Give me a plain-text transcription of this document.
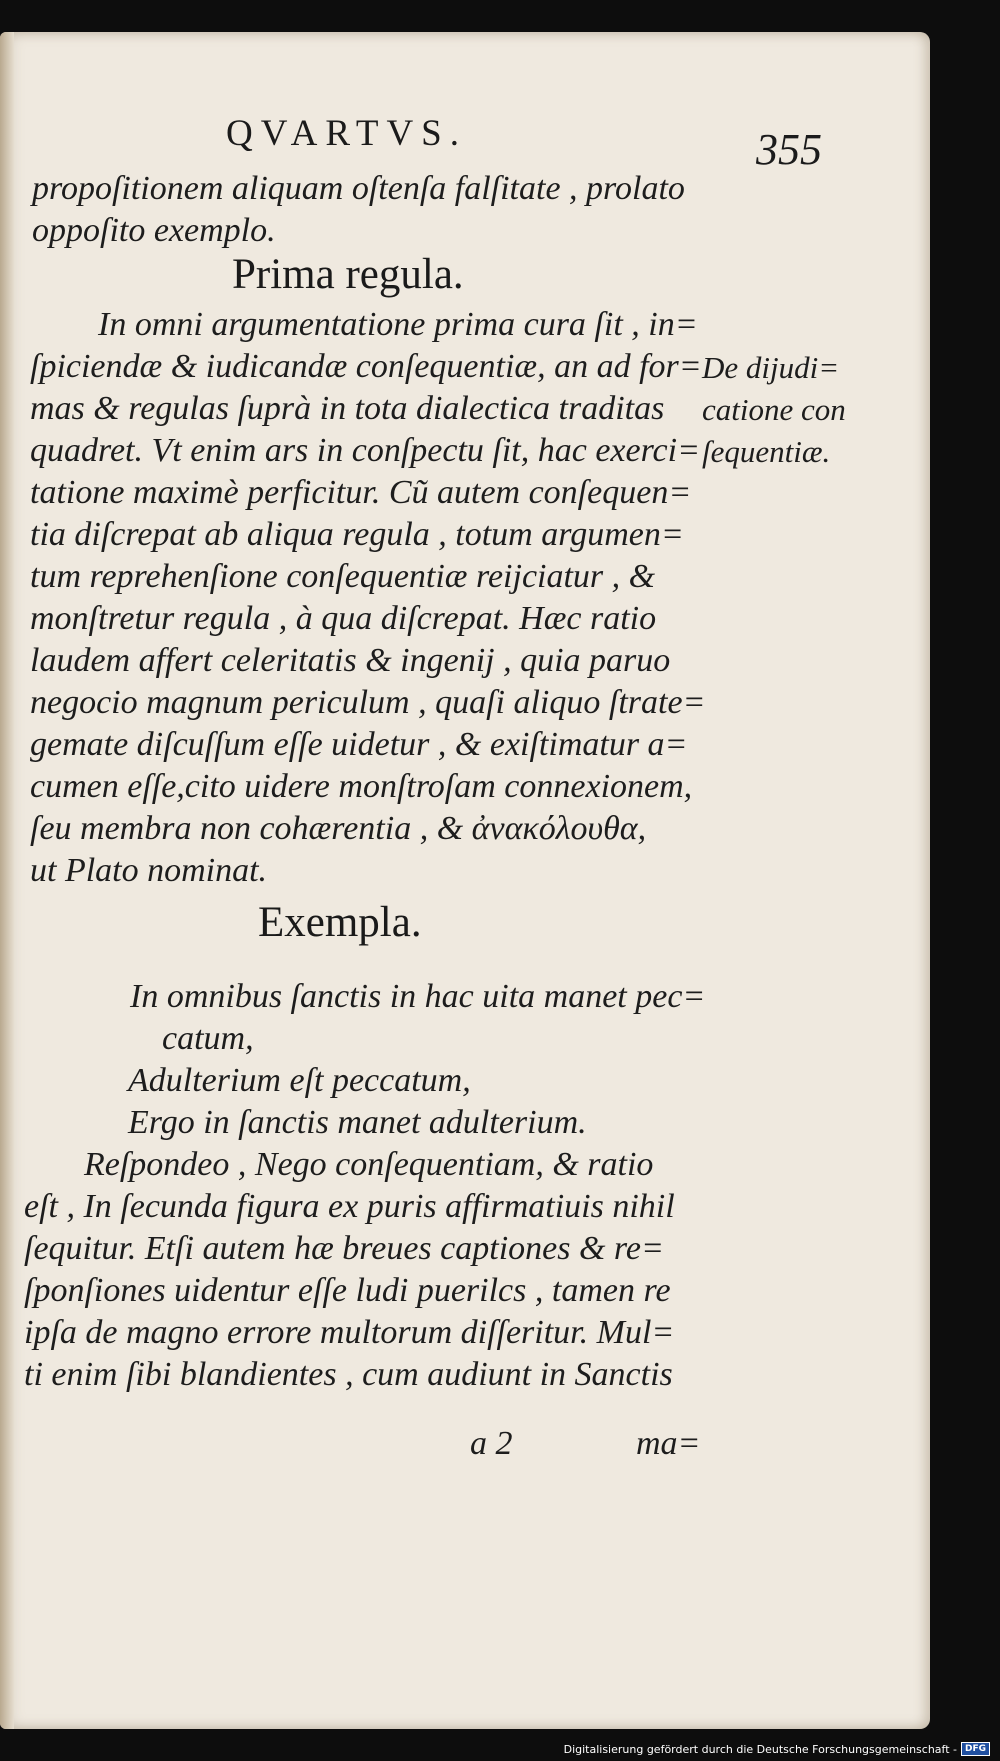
QVARTVS.	355
propoſitionem aliquam oſtenſa falſitate , prolato
oppoſito exemplo.
Prima regula.
In omni argumentatione prima cura ſit , in=
ſpiciendæ & iudicandæ conſequentiæ, an ad for=
mas & regulas ſuprà in tota dialectica traditas
quadret. Vt enim ars in conſpectu ſit, hac exerci=
tatione maximè perficitur. Cũ autem conſequen=
tia diſcrepat ab aliqua regula , totum argumen=
tum reprehenſione conſequentiæ reijciatur , &
monſtretur regula , à qua diſcrepat. Hæc ratio
laudem affert celeritatis & ingenij , quia paruo
negocio magnum periculum , quaſi aliquo ſtrate=
gemate diſcuſſum eſſe uidetur , & exiſtimatur a=
cumen eſſe,cito uidere monſtroſam connexionem,
ſeu membra non cohærentia , & ἀνακόλουθα,
ut Plato nominat.
De dijudi=
catione con
ſequentiæ.
Exempla.
In omnibus ſanctis in hac uita manet pec=
catum,
Adulterium eſt peccatum,
Ergo in ſanctis manet adulterium.
Reſpondeo , Nego conſequentiam, & ratio
eſt , In ſecunda figura ex puris affirmatiuis nihil
ſequitur. Etſi autem hæ breues captiones & re=
ſponſiones uidentur eſſe ludi puerilcs , tamen re
ipſa de magno errore multorum diſſeritur. Mul=
ti enim ſibi blandientes , cum audiunt in Sanctis
a 2	ma=
Digitalisierung gefördert durch die Deutsche Forschungsgemeinschaft - DFG
